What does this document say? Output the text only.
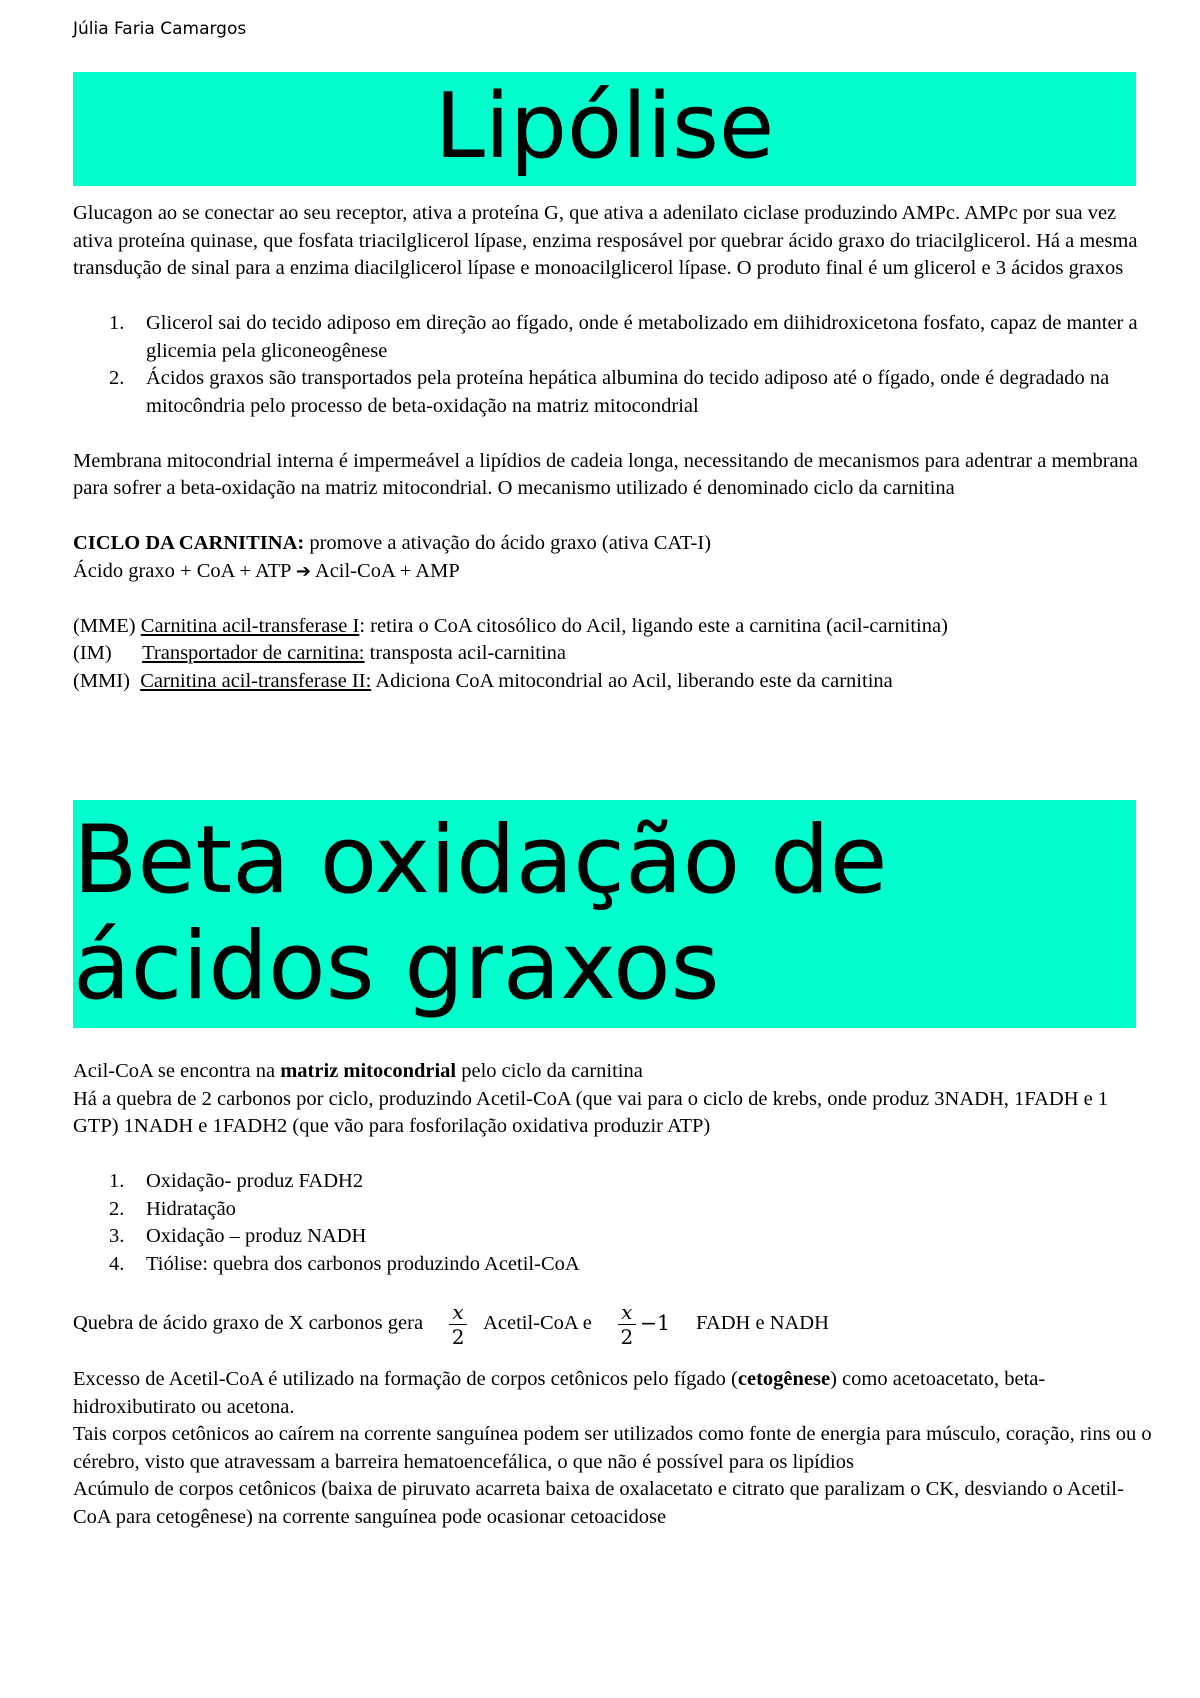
Júlia Faria Camargos
Lipólise

Glucagon ao se conectar ao seu receptor, ativa a proteína G, que ativa a adenilato ciclase produzindo AMPc. AMPc por sua vez ativa proteína quinase, que fosfata triacilglicerol lípase, enzima resposável por quebrar ácido graxo do triacilglicerol. Há a mesma transdução de sinal para a enzima diacilglicerol lípase e monoacilglicerol lípase. O produto final é um glicerol e 3 ácidos graxos

1. Glicerol sai do tecido adiposo em direção ao fígado, onde é metabolizado em diihidroxicetona fosfato, capaz de manter a glicemia pela gliconeogênese
2. Ácidos graxos são transportados pela proteína hepática albumina do tecido adiposo até o fígado, onde é degradado na mitocôndria pelo processo de beta-oxidação na matriz mitocondrial

Membrana mitocondrial interna é impermeável a lipídios de cadeia longa, necessitando de mecanismos para adentrar a membrana para sofrer a beta-oxidação na matriz mitocondrial. O mecanismo utilizado é denominado ciclo da carnitina

CICLO DA CARNITINA: promove a ativação do ácido graxo (ativa CAT-I)

Ácido graxo + CoA + ATP ➔ Acil-CoA + AMP

(MME) Carnitina acil-transferase I: retira o CoA citosólico do Acil, ligando este a carnitina (acil-carnitina)

(IM)      Transportador de carnitina: transposta acil-carnitina

(MMI)  Carnitina acil-transferase II: Adiciona CoA mitocondrial ao Acil, liberando este da carnitina

Beta oxidação de
ácidos graxos

Acil-CoA se encontra na matriz mitocondrial pelo ciclo da carnitina

Há a quebra de 2 carbonos por ciclo, produzindo Acetil-CoA (que vai para o ciclo de krebs, onde produz 3NADH, 1FADH e 1 GTP) 1NADH e 1FADH2 (que vão para fosforilação oxidativa produzir ATP)

1. Oxidação- produz FADH2
2. Hidratação
3. Oxidação – produz NADH
4. Tiólise: quebra dos carbonos produzindo Acetil-CoA
Quebra de ácido graxo de X carbonos gera $\frac{x}{2}$ Acetil-CoA e $\frac{x}{2} -1$ FADH e NADH

Excesso de Acetil-CoA é utilizado na formação de corpos cetônicos pelo fígado (cetogênese) como acetoacetato, beta-hidroxibutirato ou acetona.

Tais corpos cetônicos ao caírem na corrente sanguínea podem ser utilizados como fonte de energia para músculo, coração, rins ou o cérebro, visto que atravessam a barreira hematoencefálica, o que não é possível para os lipídios

Acúmulo de corpos cetônicos (baixa de piruvato acarreta baixa de oxalacetato e citrato que paralizam o CK, desviando o Acetil-CoA para cetogênese) na corrente sanguínea pode ocasionar cetoacidose
